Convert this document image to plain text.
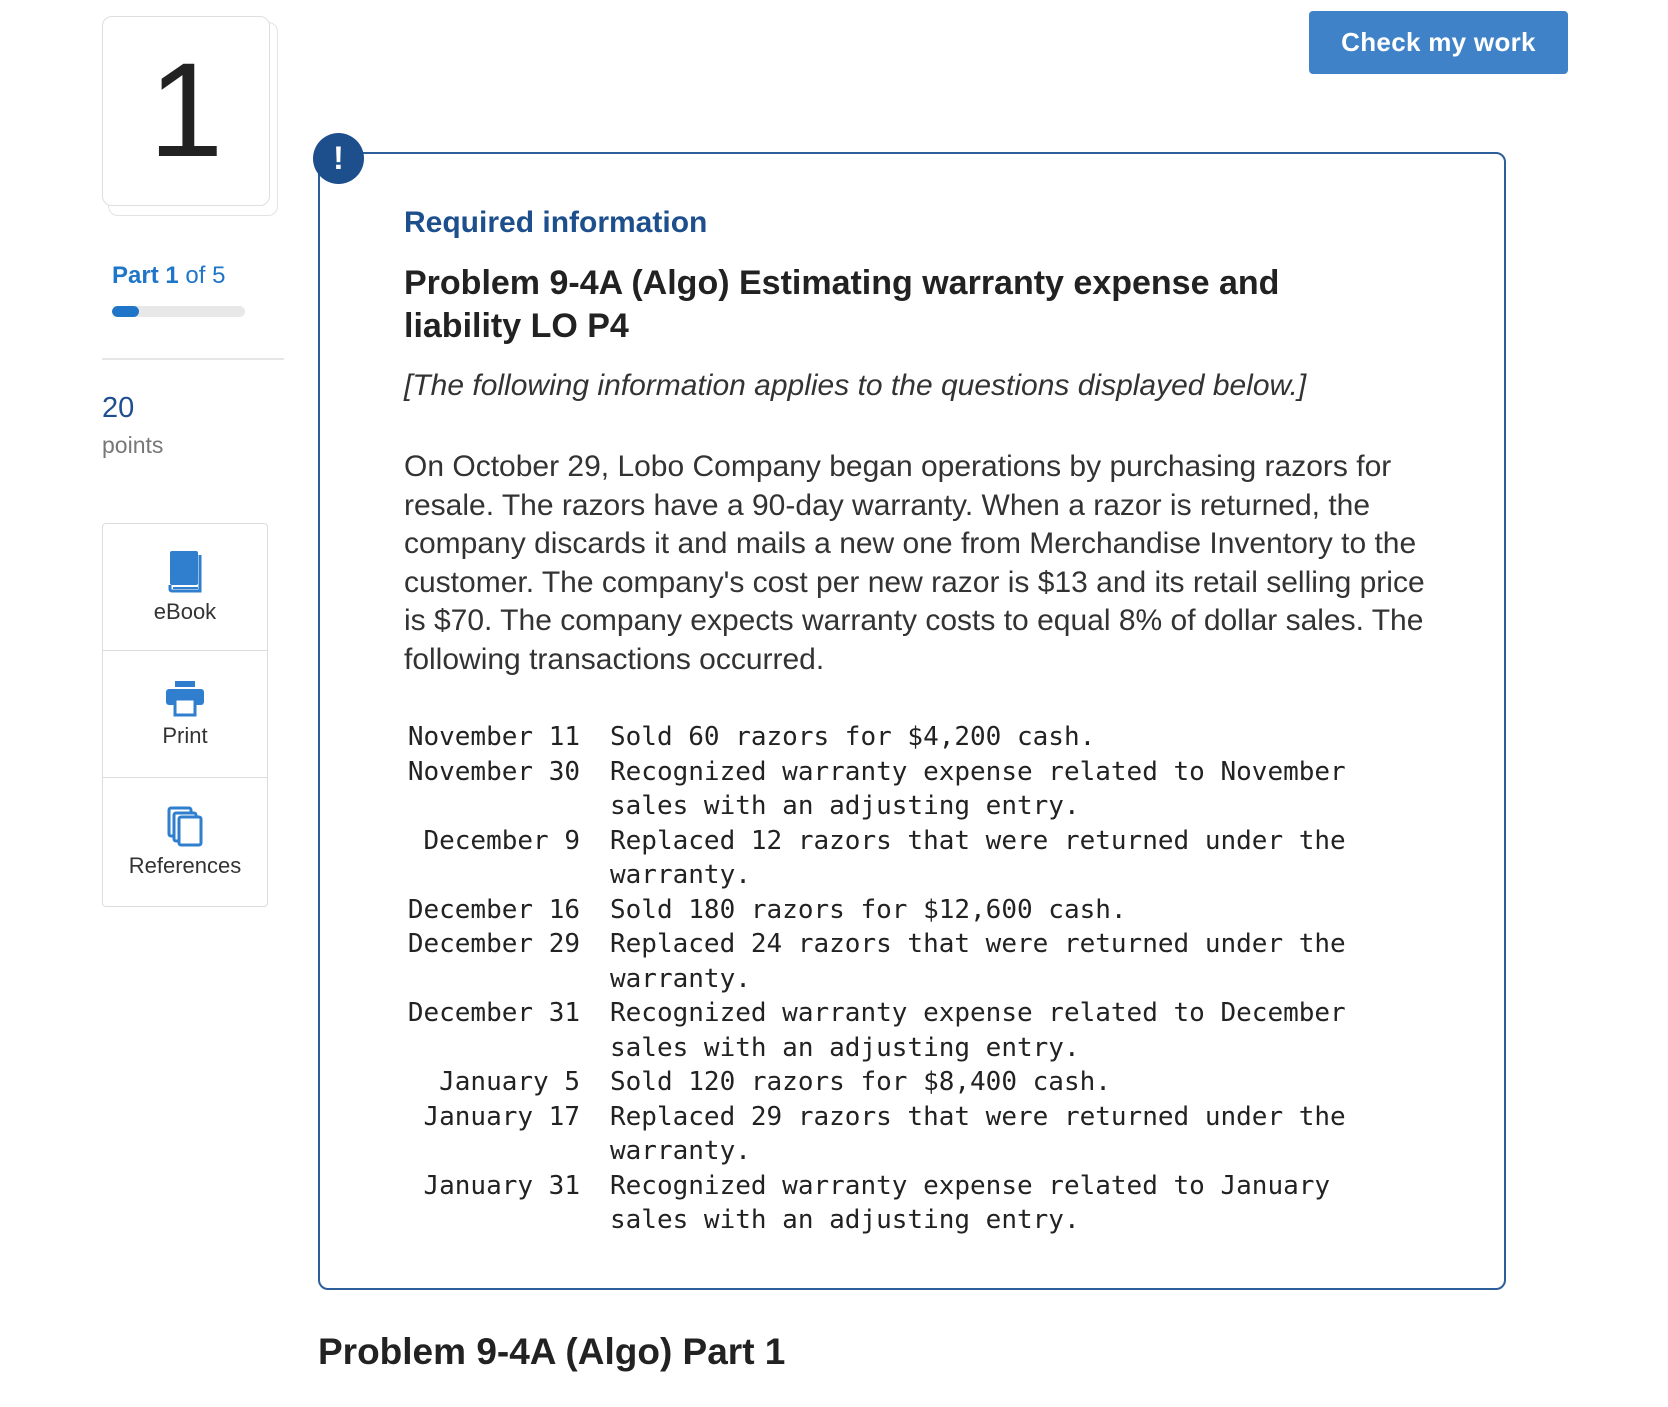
1
Part 1 of 5
20
points
eBook
Print
References
Check my work
!
Required information
Problem 9-4A (Algo) Estimating warranty expense and liability LO P4
[The following information applies to the questions displayed below.]
On October 29, Lobo Company began operations by purchasing razors for resale. The razors have a 90-day warranty. When a razor is returned, the company discards it and mails a new one from Merchandise Inventory to the customer. The company's cost per new razor is $13 and its retail selling price is $70. The company expects warranty costs to equal 8% of dollar sales. The following transactions occurred.
November 11	Sold 60 razors for $4,200 cash.
November 30	Recognized warranty expense related to November sales with an adjusting entry.
December 9	Replaced 12 razors that were returned under the warranty.
December 16	Sold 180 razors for $12,600 cash.
December 29	Replaced 24 razors that were returned under the warranty.
December 31	Recognized warranty expense related to December sales with an adjusting entry.
January 5	Sold 120 razors for $8,400 cash.
January 17	Replaced 29 razors that were returned under the warranty.
January 31	Recognized warranty expense related to January sales with an adjusting entry.
Problem 9-4A (Algo) Part 1
